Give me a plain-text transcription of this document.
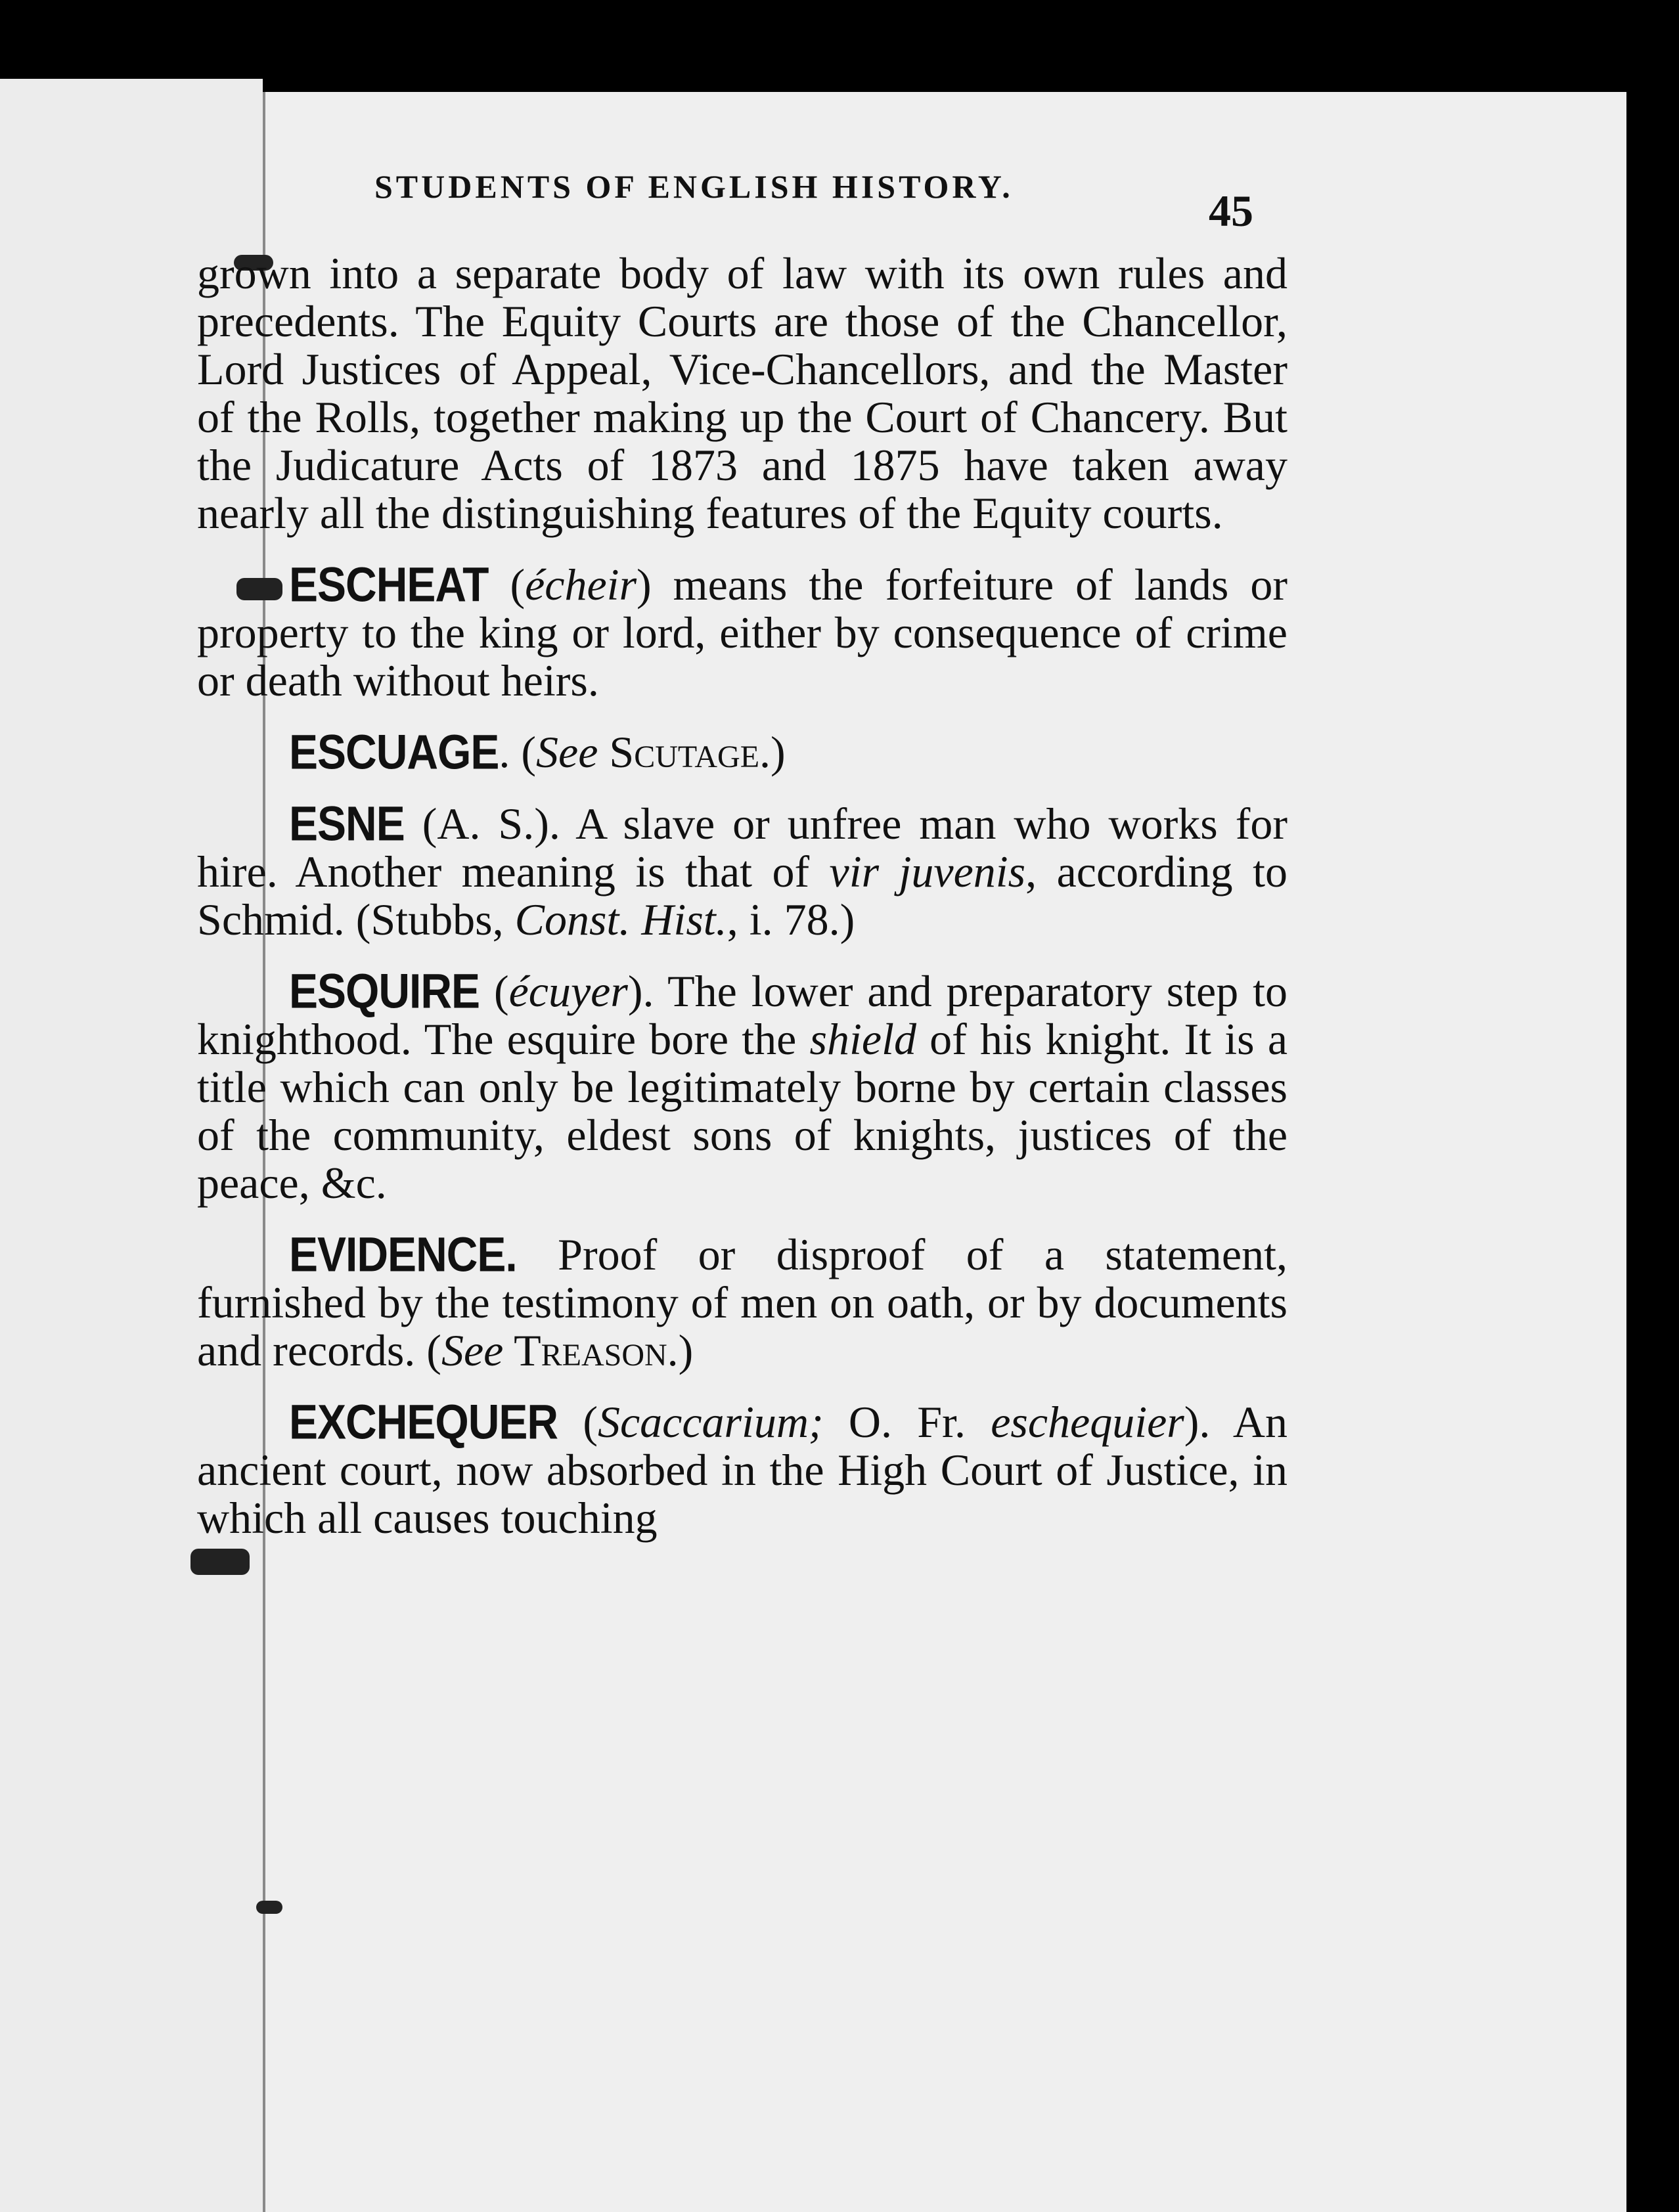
STUDENTS OF ENGLISH HISTORY.	45

grown into a separate body of law with its own rules and precedents. The Equity Courts are those of the Chancellor, Lord Justices of Appeal, Vice-Chancellors, and the Master of the Rolls, together making up the Court of Chancery. But the Judicature Acts of 1873 and 1875 have taken away nearly all the distinguishing features of the Equity courts.

ESCHEAT (écheir) means the forfeiture of lands or property to the king or lord, either by consequence of crime or death without heirs.

ESCUAGE. (See Scutage.)

ESNE (A. S.). A slave or unfree man who works for hire. Another meaning is that of vir juvenis, according to Schmid. (Stubbs, Const. Hist., i. 78.)

ESQUIRE (écuyer). The lower and preparatory step to knighthood. The esquire bore the shield of his knight. It is a title which can only be legitimately borne by certain classes of the community, eldest sons of knights, justices of the peace, &c.

EVIDENCE. Proof or disproof of a statement, furnished by the testimony of men on oath, or by documents and records. (See Treason.)

EXCHEQUER (Scaccarium; O. Fr. eschequier). An ancient court, now absorbed in the High Court of Justice, in which all causes touching
